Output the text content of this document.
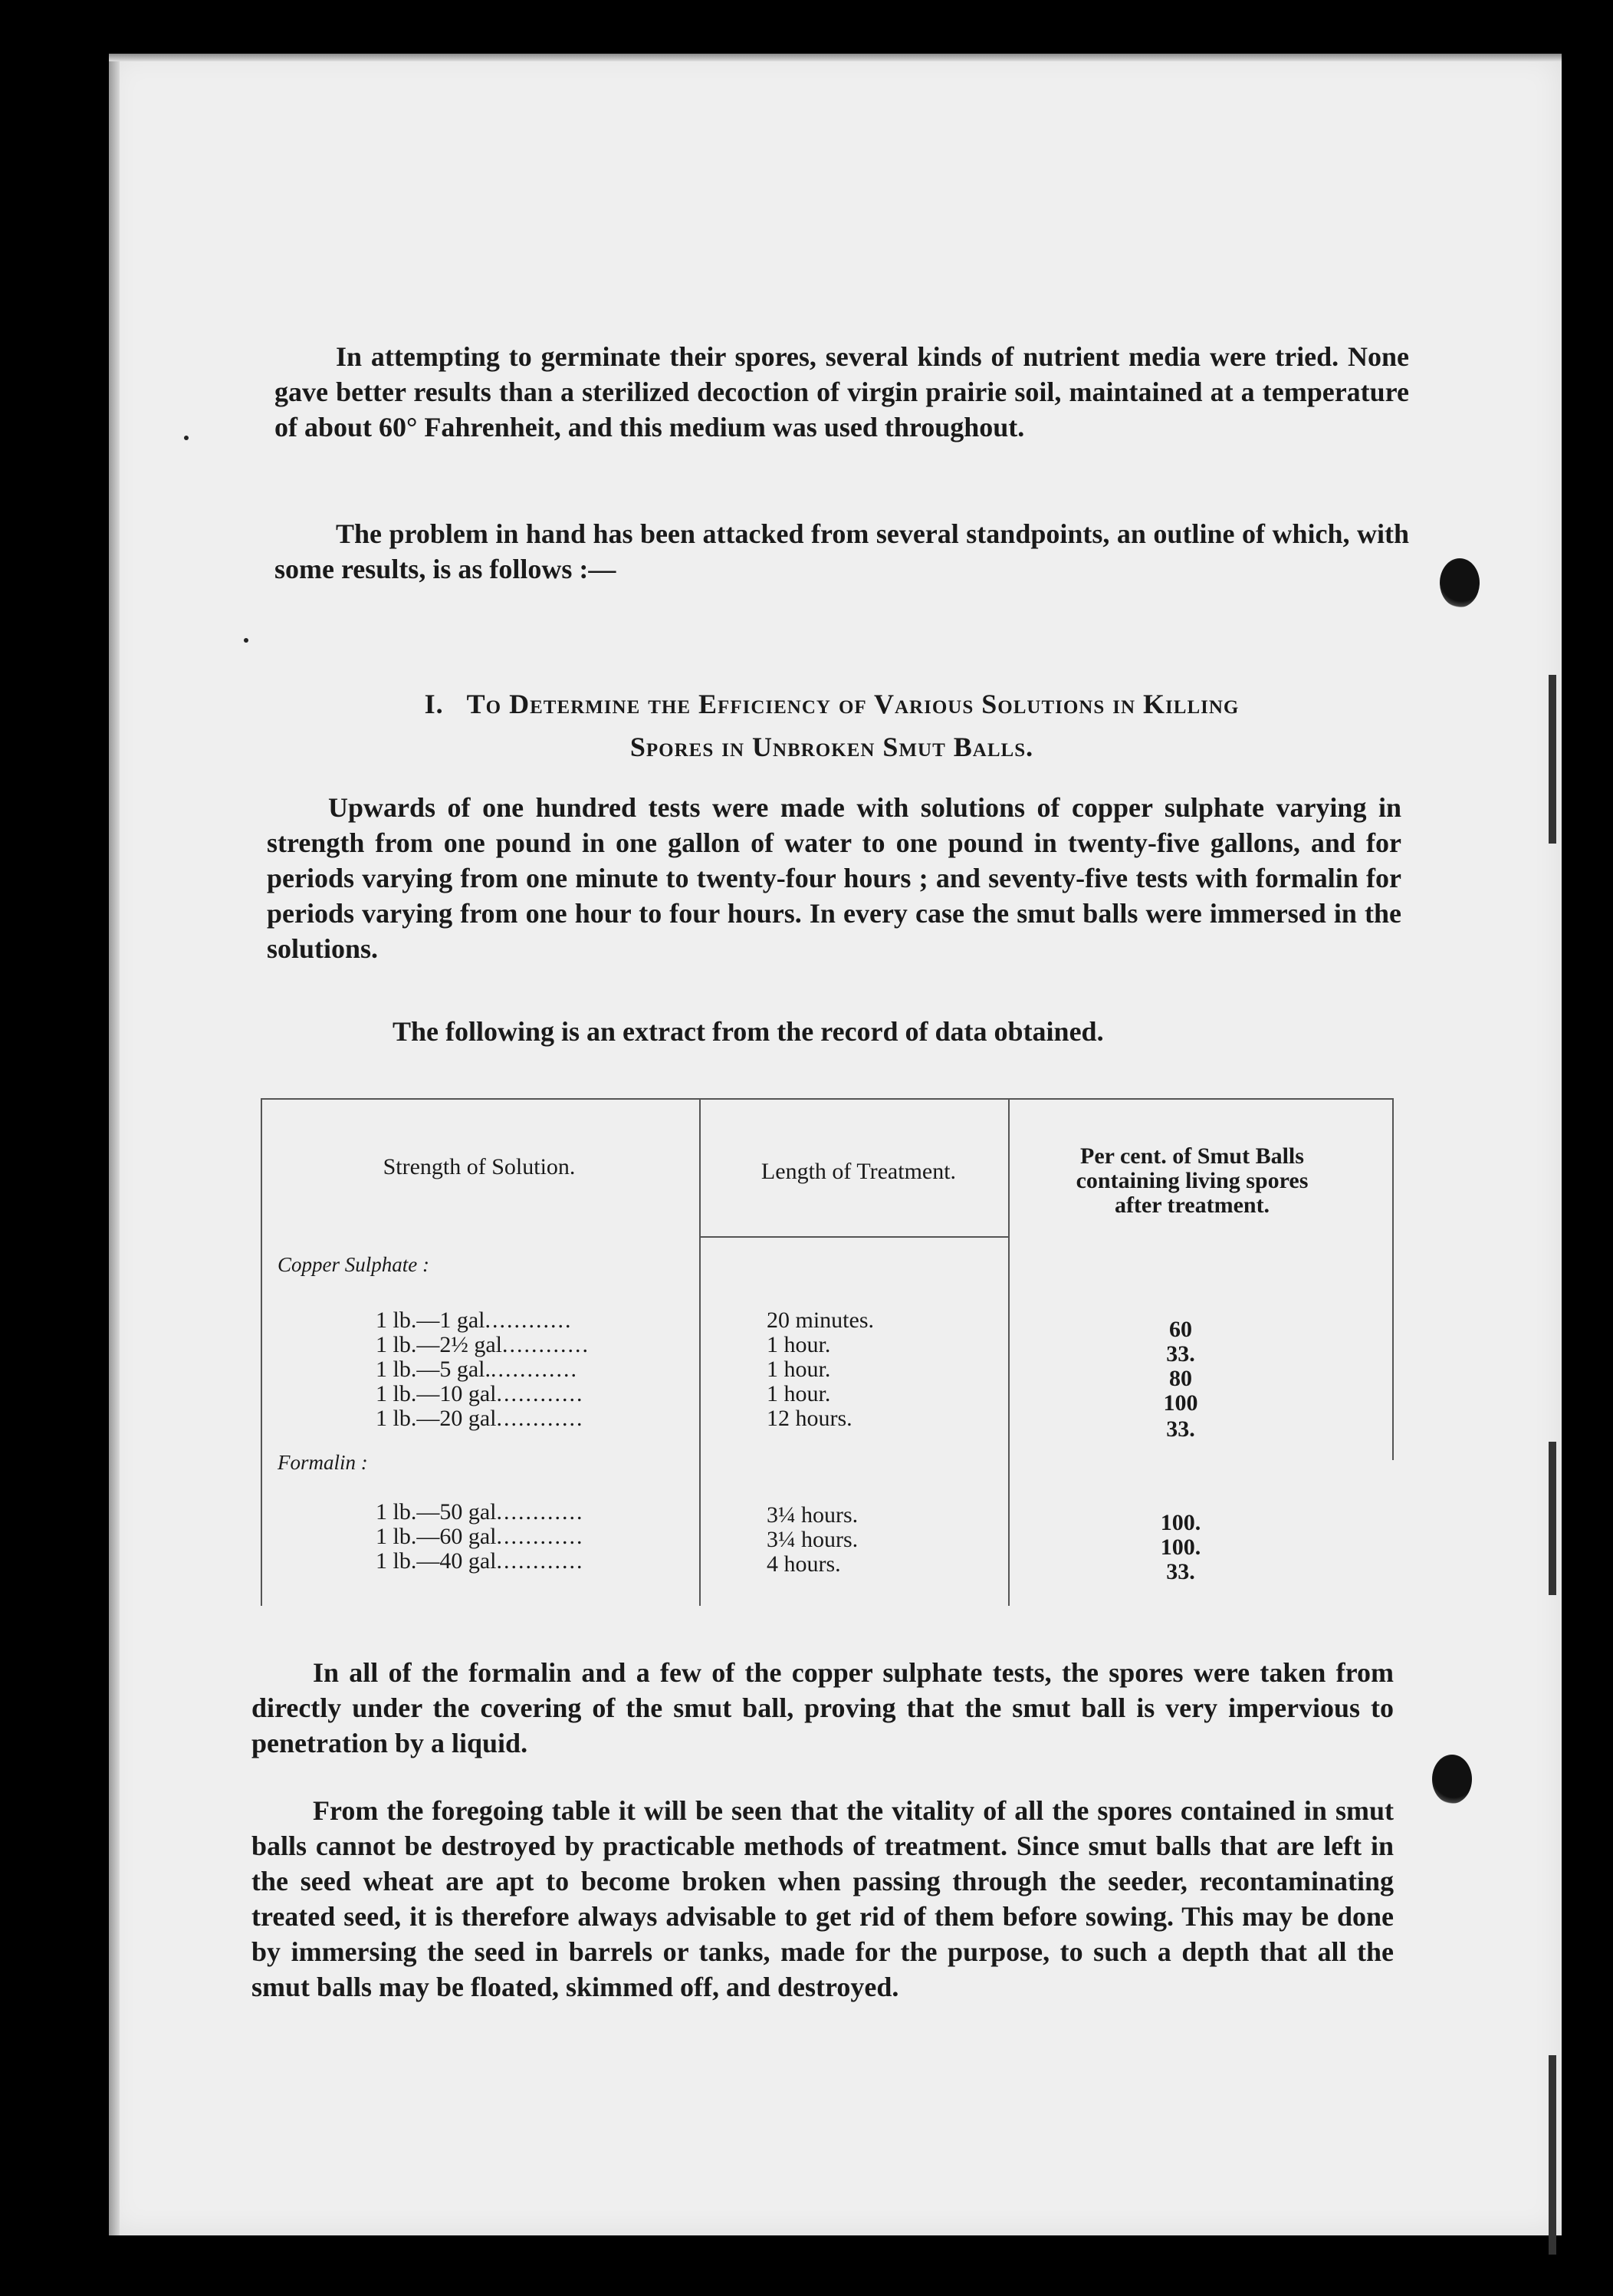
In attempting to germinate their spores, several kinds of nutrient media were tried. None gave better results than a sterilized decoction of virgin prairie soil, maintained at a temperature of about 60° Fahrenheit, and this medium was used throughout.

The problem in hand has been attacked from several standpoints, an outline of which, with some results, is as follows :—

I. To Determine the Efficiency of Various Solutions in Killing
Spores in Unbroken Smut Balls.

Upwards of one hundred tests were made with solutions of copper sulphate varying in strength from one pound in one gallon of water to one pound in twenty-five gallons, and for periods varying from one minute to twenty-four hours ; and seventy-five tests with formalin for periods varying from one hour to four hours. In every case the smut balls were immersed in the solutions.

The following is an extract from the record of data obtained.

Strength of Solution.	Length of Treatment.
Per cent. of Smut Balls
containing living spores
after treatment.
Copper Sulphate :
1 lb.—1 gal............	20 minutes.	60
1 lb.—2½ gal............	1 hour.	33.
1 lb.—5 gal.............	1 hour.	80
1 lb.—10 gal............	1 hour.	100
1 lb.—20 gal............	12 hours.	33.
Formalin :
1 lb.—50 gal............	3¼ hours.	100.
1 lb.—60 gal............	3¼ hours.	100.
1 lb.—40 gal............	4 hours.	33.

In all of the formalin and a few of the copper sulphate tests, the spores were taken from directly under the covering of the smut ball, proving that the smut ball is very impervious to penetration by a liquid.

From the foregoing table it will be seen that the vitality of all the spores contained in smut balls cannot be destroyed by practicable methods of treatment. Since smut balls that are left in the seed wheat are apt to become broken when passing through the seeder, recontaminating treated seed, it is therefore always advisable to get rid of them before sowing. This may be done by immersing the seed in barrels or tanks, made for the purpose, to such a depth that all the smut balls may be floated, skimmed off, and destroyed.
